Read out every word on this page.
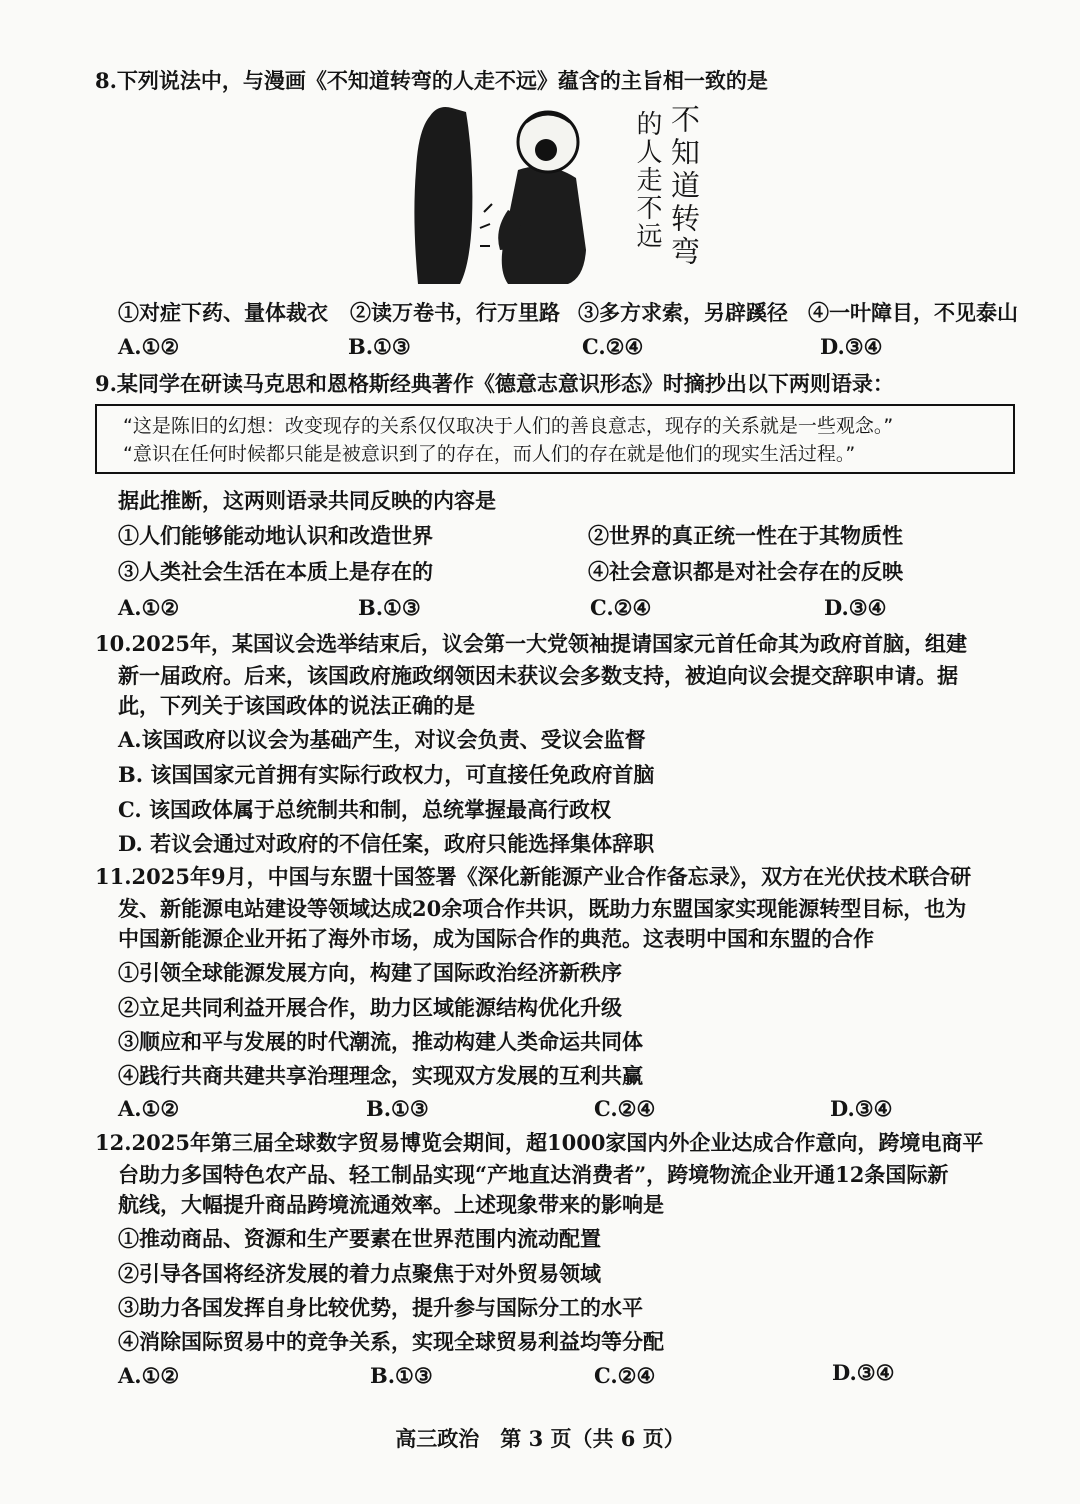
8.下列说法中，与漫画《不知道转弯的人走不远》蕴含的主旨相一致的是
不知道转弯
的人走不远
①对症下药、量体裁衣 ②读万卷书，行万里路 ③多方求索，另辟蹊径 ④一叶障目，不见泰山
A.①②	B.①③	C.②④	D.③④
9.某同学在研读马克思和恩格斯经典著作《德意志意识形态》时摘抄出以下两则语录：
“这是陈旧的幻想：改变现存的关系仅仅取决于人们的善良意志，现存的关系就是一些观念。”
“意识在任何时候都只能是被意识到了的存在，而人们的存在就是他们的现实生活过程。”
据此推断，这两则语录共同反映的内容是
①人们能够能动地认识和改造世界	②世界的真正统一性在于其物质性
③人类社会生活在本质上是存在的	④社会意识都是对社会存在的反映
A.①②	B.①③	C.②④	D.③④
10.2025年，某国议会选举结束后，议会第一大党领袖提请国家元首任命其为政府首脑，组建
新一届政府。后来，该国政府施政纲领因未获议会多数支持，被迫向议会提交辞职申请。据
此，下列关于该国政体的说法正确的是
A.该国政府以议会为基础产生，对议会负责、受议会监督
B. 该国国家元首拥有实际行政权力，可直接任免政府首脑
C. 该国政体属于总统制共和制，总统掌握最高行政权
D. 若议会通过对政府的不信任案，政府只能选择集体辞职
11.2025年9月，中国与东盟十国签署《深化新能源产业合作备忘录》，双方在光伏技术联合研
发、新能源电站建设等领域达成20余项合作共识，既助力东盟国家实现能源转型目标，也为
中国新能源企业开拓了海外市场，成为国际合作的典范。这表明中国和东盟的合作
①引领全球能源发展方向，构建了国际政治经济新秩序
②立足共同利益开展合作，助力区域能源结构优化升级
③顺应和平与发展的时代潮流，推动构建人类命运共同体
④践行共商共建共享治理理念，实现双方发展的互利共赢
A.①②	B.①③	C.②④	D.③④
12.2025年第三届全球数字贸易博览会期间，超1000家国内外企业达成合作意向，跨境电商平
台助力多国特色农产品、轻工制品实现“产地直达消费者”，跨境物流企业开通12条国际新
航线，大幅提升商品跨境流通效率。上述现象带来的影响是
①推动商品、资源和生产要素在世界范围内流动配置
②引导各国将经济发展的着力点聚焦于对外贸易领域
③助力各国发挥自身比较优势，提升参与国际分工的水平
④消除国际贸易中的竞争关系，实现全球贸易利益均等分配
A.①②	B.①③	C.②④	D.③④
高三政治　第 3 页（共 6 页）
